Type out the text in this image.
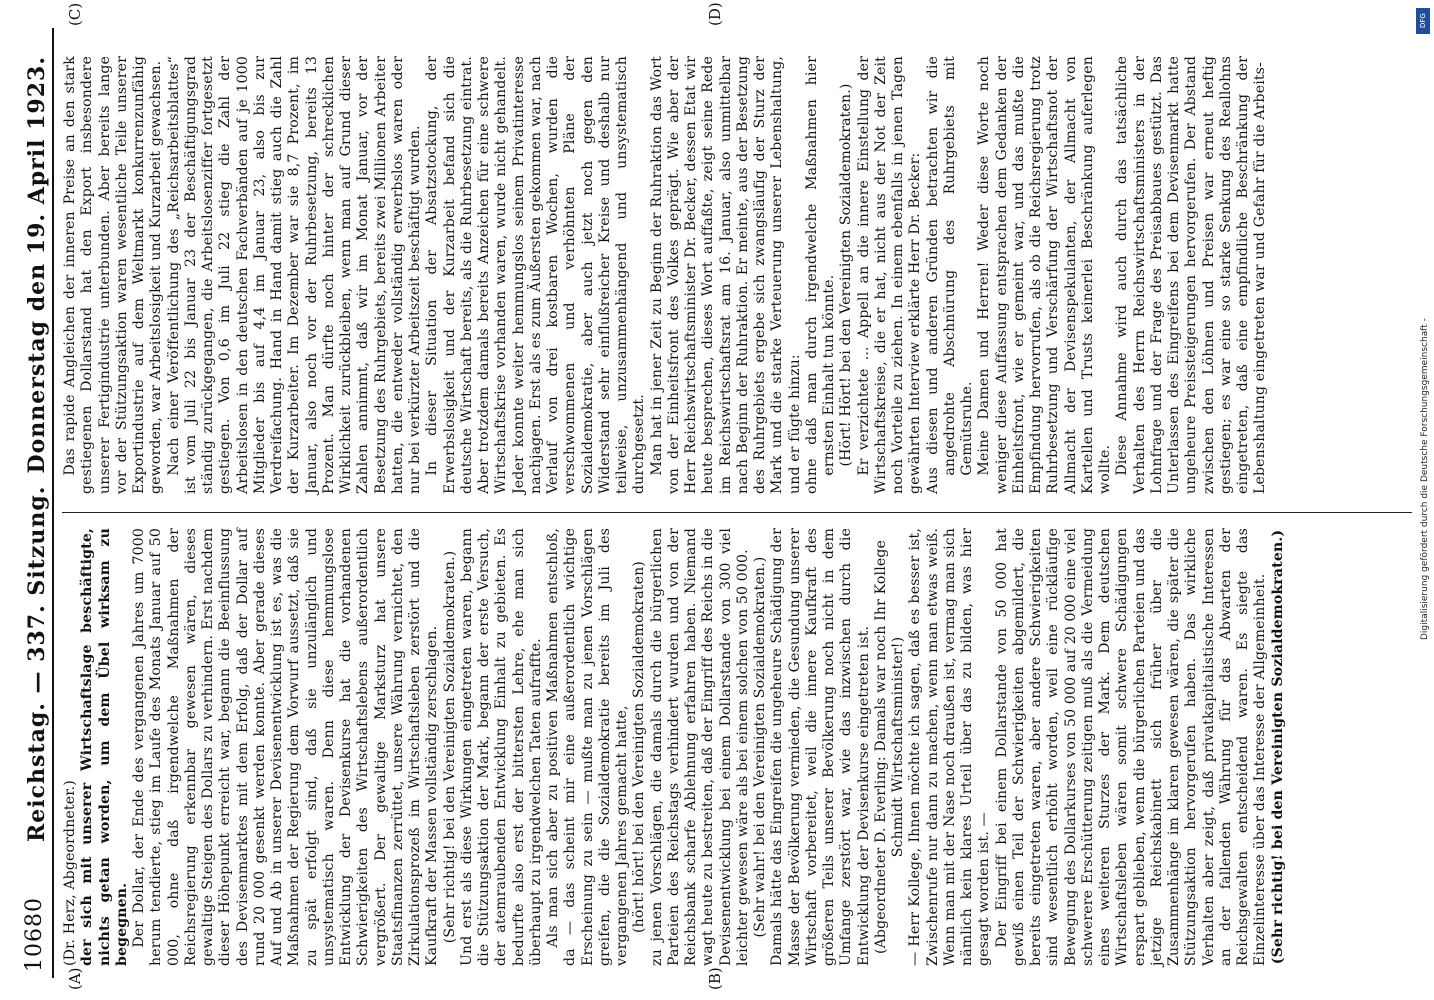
10680
Reichstag. — 337. Sitzung.
Donnerstag den 19. April 1923.
(A)	(B)
(C)	(D)

(Dr. Herz, Abgeordneter.) der sich mit unserer Wirtschaftslage beschäftigte, nichts getan worden, um dem Übel wirksam zu begegnen. Der Dollar, der Ende des vergangenen Jahres um 7000 herum tendierte, stieg im Laufe des Monats Januar auf 50 000, ohne daß irgendwelche Maßnahmen der Reichsregierung erkennbar gewesen wären, dieses gewaltige Steigen des Dollars zu verhindern. Erst nachdem dieser Höhepunkt erreicht war, begann die Beeinflussung des Devisenmarktes mit dem Erfolg, daß der Dollar auf rund 20 000 gesenkt werden konnte. Aber gerade dieses Auf und Ab in unserer Devisenentwicklung ist es, was die Maßnahmen der Regierung dem Vorwurf aussetzt, daß sie zu spät erfolgt sind, daß sie unzulänglich und unsystematisch waren. Denn diese hemmungslose Entwicklung der Devisenkurse hat die vorhandenen Schwierigkeiten des Wirtschaftslebens außerordentlich vergrößert. Der gewaltige Marksturz hat unsere Staatsfinanzen zerrüttet, unsere Währung vernichtet, den Zirkulationsprozeß im Wirtschaftsleben zerstört und die Kaufkraft der Massen vollständig zerschlagen. (Sehr richtig! bei den Vereinigten Sozialdemokraten.) Und erst als diese Wirkungen eingetreten waren, begann die Stützungsaktion der Mark, begann der erste Versuch, der atemraubenden Entwicklung Einhalt zu gebieten. Es bedurfte also erst der bittersten Lehre, ehe man sich überhaupt zu irgendwelchen Taten aufraffte. Als man sich aber zu positiven Maßnahmen entschloß, da — das scheint mir eine außerordentlich wichtige Erscheinung zu sein — mußte man zu jenen Vorschlägen greifen, die die Sozialdemokratie bereits im Juli des vergangenen Jahres gemacht hatte, (hört! hört! bei den Vereinigten Sozialdemokraten) zu jenen Vorschlägen, die damals durch die bürgerlichen Parteien des Reichstags verhindert wurden und von der Reichsbank scharfe Ablehnung erfahren haben. Niemand wagt heute zu bestreiten, daß der Eingriff des Reichs in die Devisenentwicklung bei einem Dollarstande von 300 viel leichter gewesen wäre als bei einem solchen von 50 000. (Sehr wahr! bei den Vereinigten Sozialdemokraten.) Damals hätte das Eingreifen die ungeheure Schädigung der Masse der Bevölkerung vermieden, die Gesundung unserer Wirtschaft vorbereitet, weil die innere Kaufkraft des größeren Teils unserer Bevölkerung noch nicht in dem Umfange zerstört war, wie das inzwischen durch die Entwicklung der Devisenkurse eingetreten ist. (Abgeordneter D. Everling: Damals war noch Ihr Kollege Schmidt Wirtschaftsminister!) — Herr Kollege, Ihnen möchte ich sagen, daß es besser ist, Zwischenrufe nur dann zu machen, wenn man etwas weiß. Wenn man mit der Nase noch draußen ist, vermag man sich nämlich kein klares Urteil über das zu bilden, was hier gesagt worden ist. — Der Eingriff bei einem Dollarstande von 50 000 hat gewiß einen Teil der Schwierigkeiten abgemildert, die bereits eingetreten waren, aber andere Schwierigkeiten sind wesentlich erhöht worden, weil eine rückläufige Bewegung des Dollarkurses von 50 000 auf 20 000 eine viel schwerere Erschütterung zeitigen muß als die Vermeidung eines weiteren Sturzes der Mark. Dem deutschen Wirtschaftsleben wären somit schwere Schädigungen erspart geblieben, wenn die bürgerlichen Parteien und das jetzige Reichskabinett sich früher über die Zusammenhänge im klaren gewesen wären, die später die Stützungsaktion hervorgerufen haben. Das wirkliche Verhalten aber zeigt, daß privatkapitalistische Interessen an der fallenden Währung für das Abwarten der Reichsgewalten entscheidend waren. Es siegte das Einzelinteresse über das Interesse der Allgemeinheit. (Sehr richtig! bei den Vereinigten Sozialdemokraten.)

Das rapide Angleichen der inneren Preise an den stark gestiegenen Dollarstand hat den Export insbesondere unserer Fertigindustrie unterbunden. Aber bereits lange vor der Stützungsaktion waren wesentliche Teile unserer Exportindustrie auf dem Weltmarkt konkurrenzunfähig geworden, war Arbeitslosigkeit und Kurzarbeit gewachsen. Nach einer Veröffentlichung des „Reichsarbeitsblattes“ ist vom Juli 22 bis Januar 23 der Beschäftigungsgrad ständig zurückgegangen, die Arbeitslosenziffer fortgesetzt gestiegen. Von 0,6 im Juli 22 stieg die Zahl der Arbeitslosen in den deutschen Fachverbänden auf je 1000 Mitglieder bis auf 4,4 im Januar 23, also bis zur Verdreifachung. Hand in Hand damit stieg auch die Zahl der Kurzarbeiter. Im Dezember war sie 8,7 Prozent, im Januar, also noch vor der Ruhrbesetzung, bereits 13 Prozent. Man dürfte noch hinter der schrecklichen Wirklichkeit zurückbleiben, wenn man auf Grund dieser Zahlen annimmt, daß wir im Monat Januar, vor der Besetzung des Ruhrgebiets, bereits zwei Millionen Arbeiter hatten, die entweder vollständig erwerbslos waren oder nur bei verkürzter Arbeitszeit beschäftigt wurden. In dieser Situation der Absatzstockung, der Erwerbslosigkeit und der Kurzarbeit befand sich die deutsche Wirtschaft bereits, als die Ruhrbesetzung eintrat. Aber trotzdem damals bereits Anzeichen für eine schwere Wirtschaftskrise vorhanden waren, wurde nicht gehandelt. Jeder konnte weiter hemmungslos seinem Privatinteresse nachjagen. Erst als es zum Äußersten gekommen war, nach Verlauf von drei kostbaren Wochen, wurden die verschwommenen und verhöhnten Pläne der Sozialdemokratie, aber auch jetzt noch gegen den Widerstand sehr einflußreicher Kreise und deshalb nur teilweise, unzusammenhängend und unsystematisch durchgesetzt. Man hat in jener Zeit zu Beginn der Ruhraktion das Wort von der Einheitsfront des Volkes geprägt. Wie aber der Herr Reichswirtschaftsminister Dr. Becker, dessen Etat wir heute besprechen, dieses Wort auffaßte, zeigt seine Rede im Reichswirtschaftsrat am 16. Januar, also unmittelbar nach Beginn der Ruhraktion. Er meinte, aus der Besetzung des Ruhrgebiets ergebe sich zwangsläufig der Sturz der Mark und die starke Verteuerung unserer Lebenshaltung, und er fügte hinzu: ohne daß man durch irgendwelche Maßnahmen hier ernsten Einhalt tun könnte. (Hört! Hört! bei den Vereinigten Sozialdemokraten.) Er verzichtete ... Appell an die innere Einstellung der Wirtschaftskreise, die er hat, nicht aus der Not der Zeit noch Vorteile zu ziehen. In einem ebenfalls in jenen Tagen gewährten Interview erklärte Herr Dr. Becker: Aus diesen und anderen Gründen betrachten wir die angedrohte Abschnürung des Ruhrgebiets mit Gemütsruhe. Meine Damen und Herren! Weder diese Worte noch weniger diese Auffassung entsprachen dem Gedanken der Einheitsfront, wie er gemeint war, und das mußte die Empfindung hervorrufen, als ob die Reichsregierung trotz Ruhrbesetzung und Verschärfung der Wirtschaftsnot der Allmacht der Devisenspekulanten, der Allmacht von Kartellen und Trusts keinerlei Beschränkung auferlegen wollte. Diese Annahme wird auch durch das tatsächliche Verhalten des Herrn Reichswirtschaftsministers in der Lohnfrage und der Frage des Preisabbaues gestützt. Das Unterlassen des Eingreifens bei dem Devisenmarkt hatte ungeheure Preissteigerungen hervorgerufen. Der Abstand zwischen den Löhnen und Preisen war erneut heftig gestiegen; es war eine so starke Senkung des Reallohns eingetreten, daß eine empfindliche Beschränkung der Lebenshaltung eingetreten war und Gefahr für die Arbeits-

DFG
Digitalisierung gefördert durch die Deutsche Forschungsgemeinschaft -
